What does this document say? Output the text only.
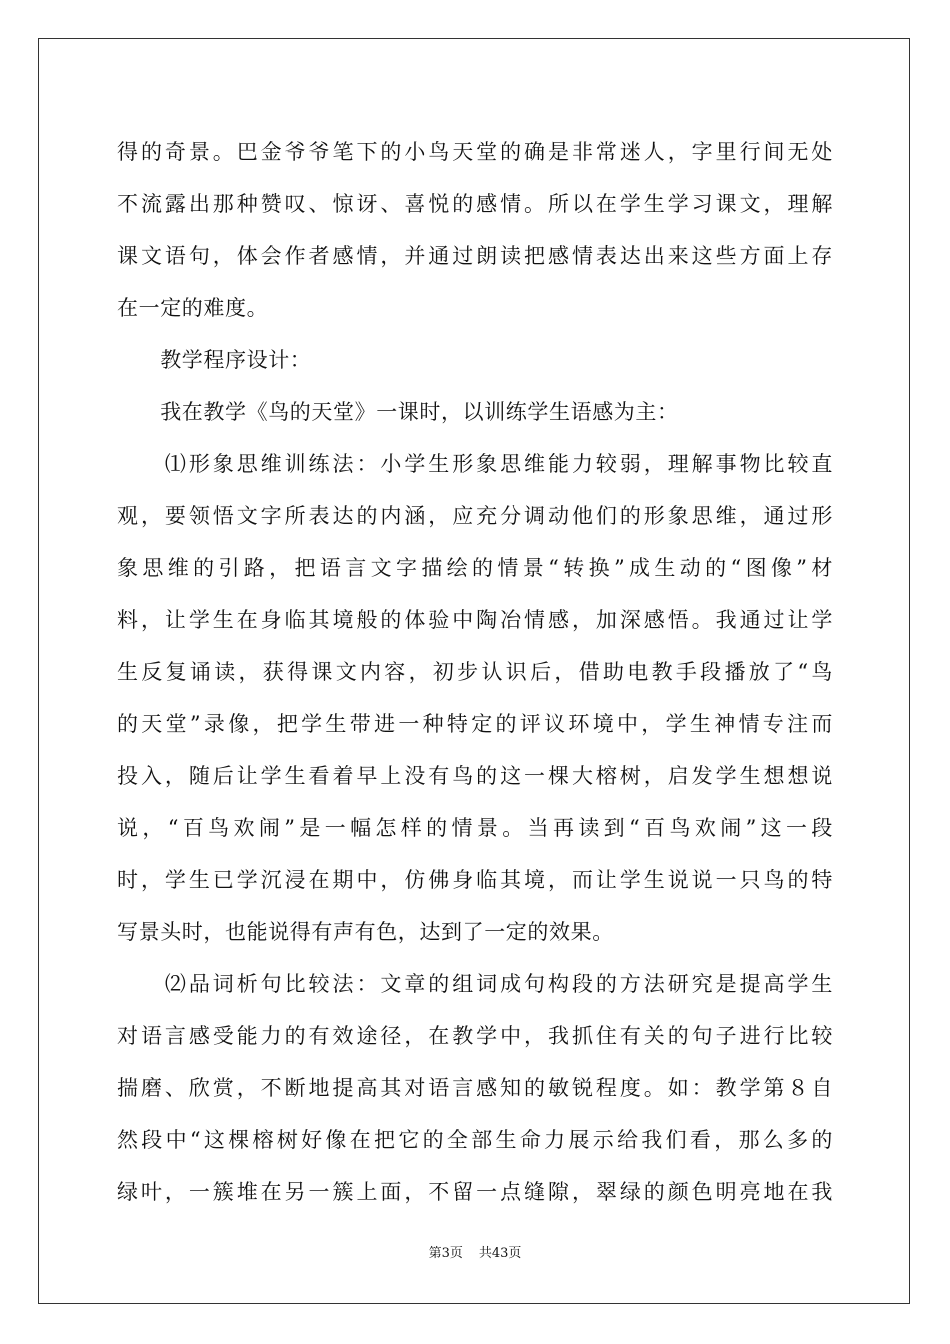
得的奇景。巴金爷爷笔下的小鸟天堂的确是非常迷人，字里行间无处
不流露出那种赞叹、惊讶、喜悦的感情。所以在学生学习课文，理解
课文语句，体会作者感情，并通过朗读把感情表达出来这些方面上存
在一定的难度。
　　教学程序设计：
　　我在教学《鸟的天堂》一课时，以训练学生语感为主：
　　⑴形象思维训练法：小学生形象思维能力较弱，理解事物比较直
观，要领悟文字所表达的内涵，应充分调动他们的形象思维，通过形
象思维的引路，把语言文字描绘的情景“转换”成生动的“图像”材
料，让学生在身临其境般的体验中陶冶情感，加深感悟。我通过让学
生反复诵读，获得课文内容，初步认识后，借助电教手段播放了“鸟
的天堂”录像，把学生带进一种特定的评议环境中，学生神情专注而
投入，随后让学生看着早上没有鸟的这一棵大榕树，启发学生想想说
说，“百鸟欢闹”是一幅怎样的情景。当再读到“百鸟欢闹”这一段
时，学生已学沉浸在期中，仿佛身临其境，而让学生说说一只鸟的特
写景头时，也能说得有声有色，达到了一定的效果。
　　⑵品词析句比较法：文章的组词成句构段的方法研究是提高学生
对语言感受能力的有效途径，在教学中，我抓住有关的句子进行比较
揣磨、欣赏，不断地提高其对语言感知的敏锐程度。如：教学第８自
然段中“这棵榕树好像在把它的全部生命力展示给我们看，那么多的
绿叶，一簇堆在另一簇上面，不留一点缝隙，翠绿的颜色明亮地在我
第3页 共43页
